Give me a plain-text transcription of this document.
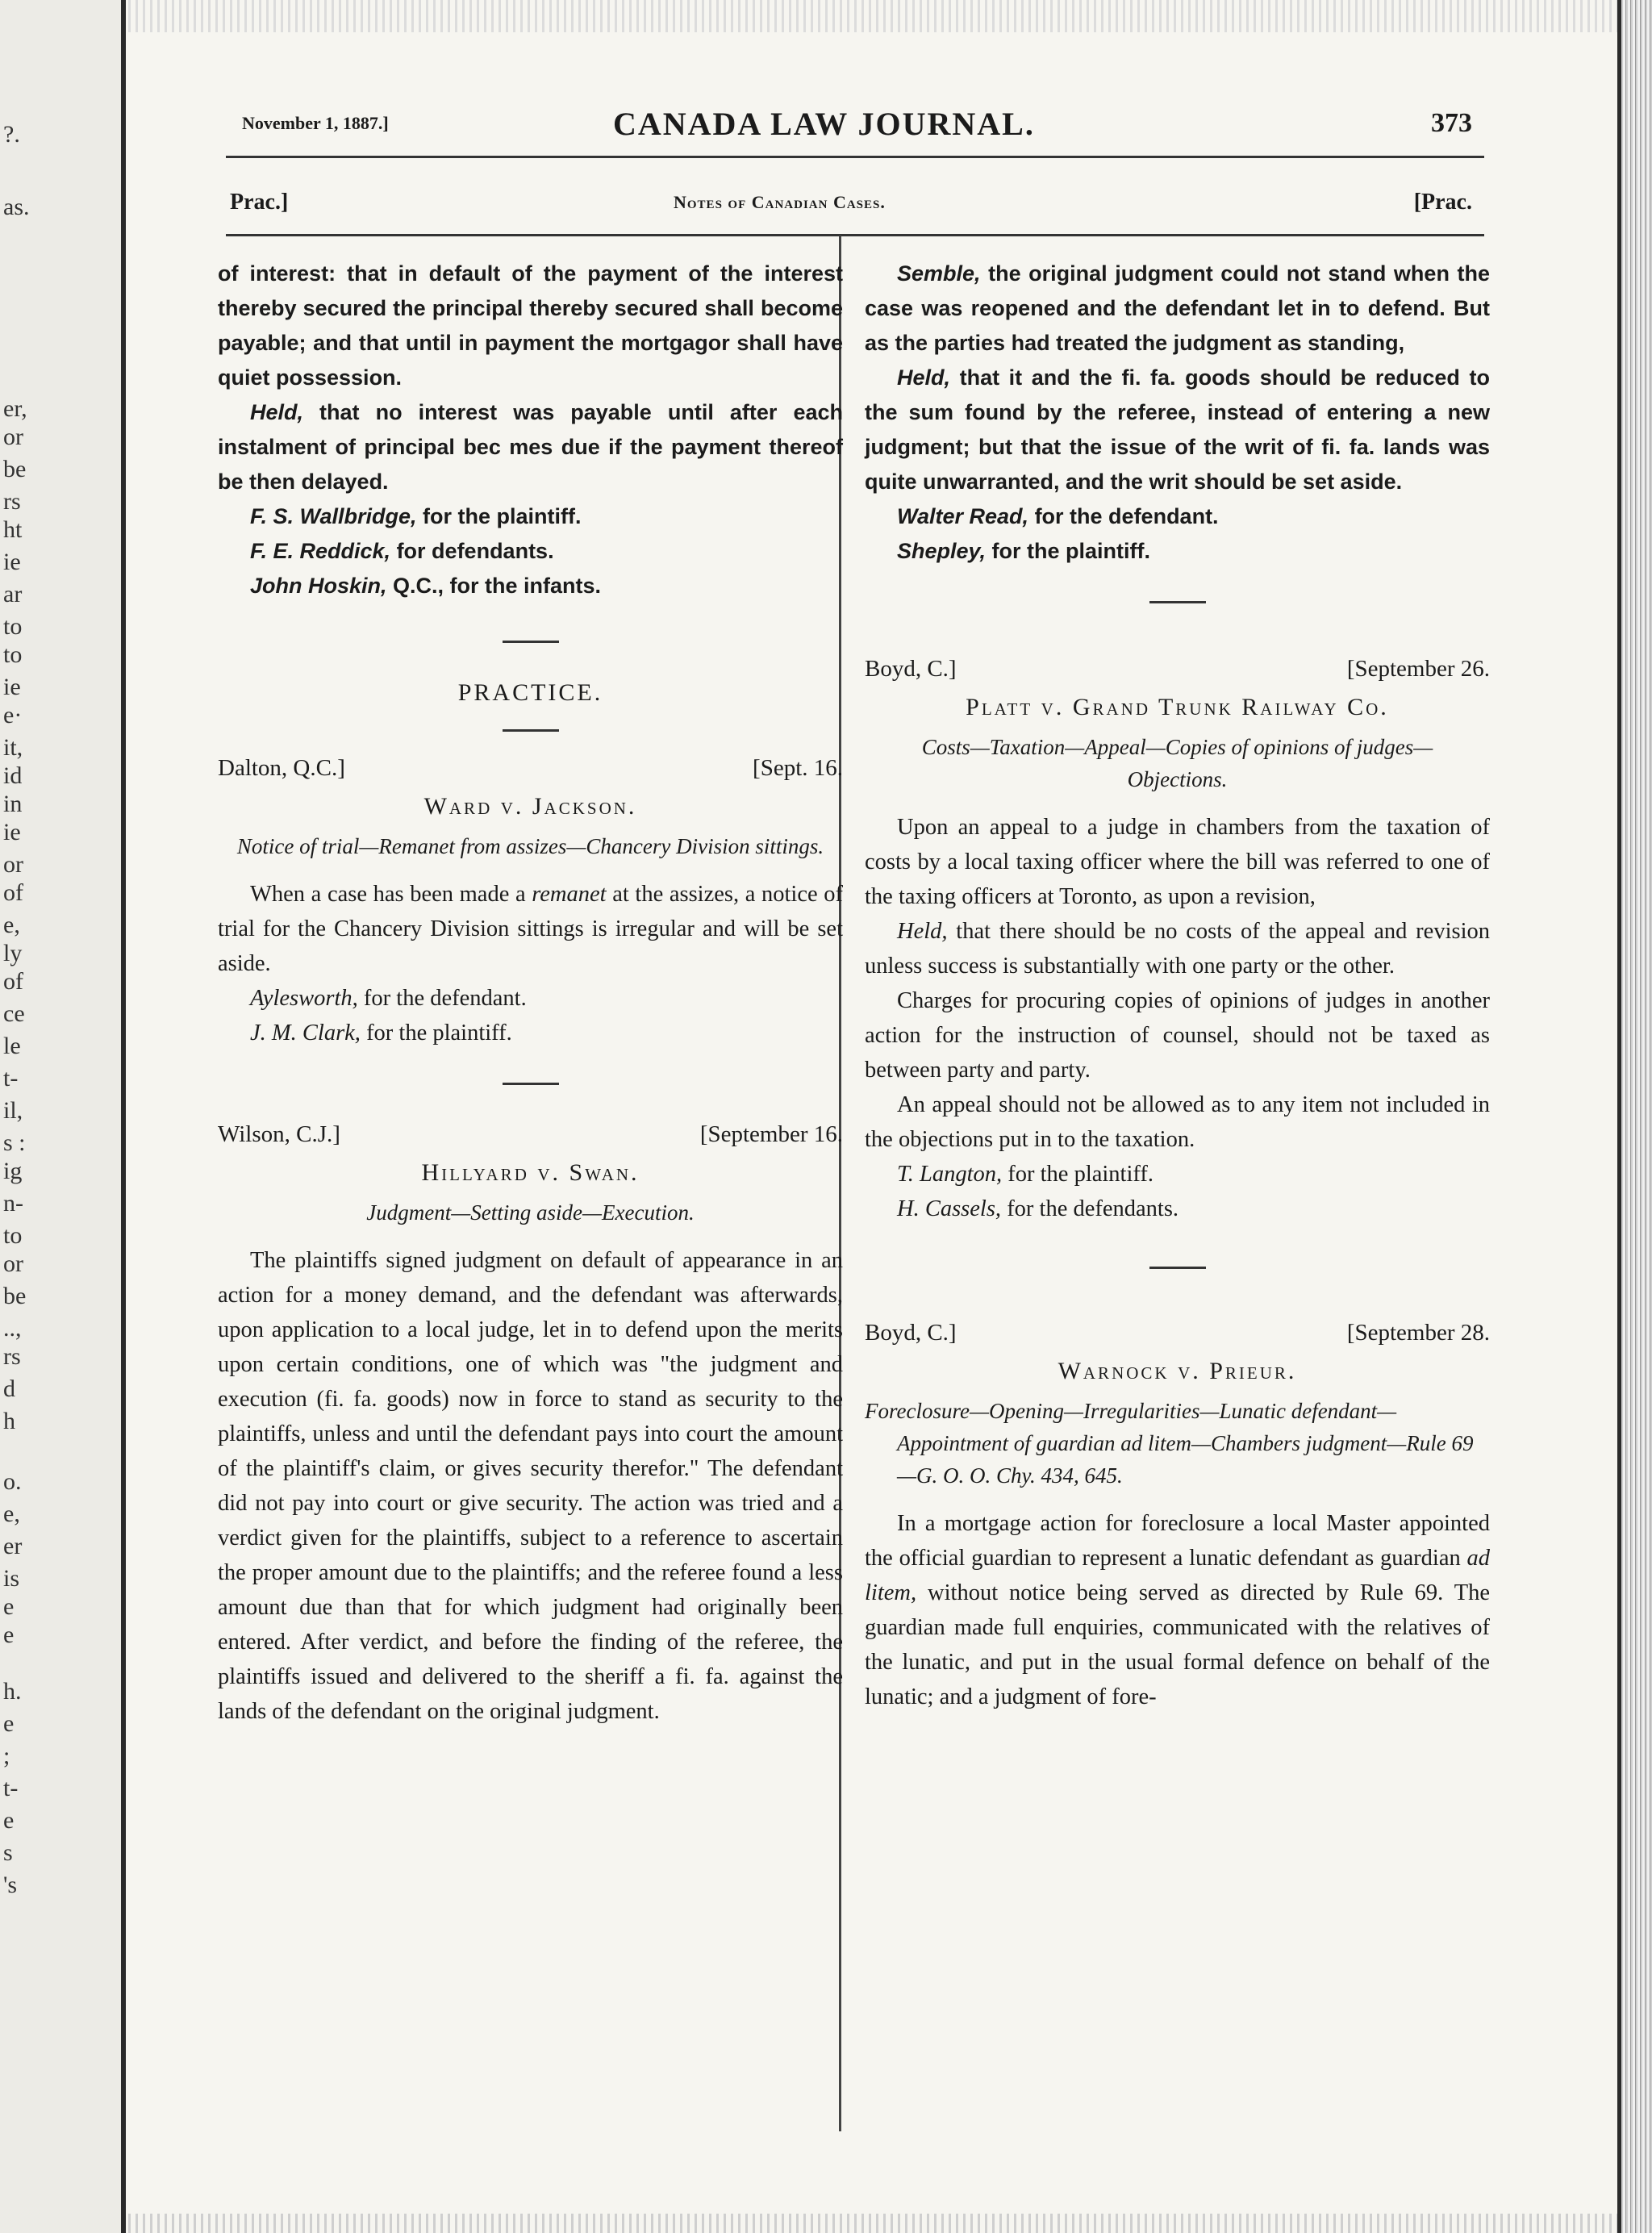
?.
as.
er,
or
be
rs
ht
ie
ar
to
to
ie
e·
it,
id
in
ie
or
of
e,
ly
of
ce
le
t-
il,
s :
ig
n-
to
or
be
..,
rs
d
h
o.
e,
er
is
e
e
h.
e
;
t-
e
s
's
November 1, 1887.]	CANADA LAW JOURNAL.	373
Prac.]	Notes of Canadian Cases.	[Prac.

of interest: that in default of the payment of the interest thereby secured the principal thereby secured shall become payable; and that until in payment the mortgagor shall have quiet possession.

Held, that no interest was payable until after each instalment of principal bec mes due if the payment thereof be then delayed.

F. S. Wallbridge, for the plaintiff.

F. E. Reddick, for defendants.

John Hoskin, Q.C., for the infants.

PRACTICE.
Dalton, Q.C.]	[Sept. 16.
Ward v. Jackson.
Notice of trial—Remanet from assizes—Chancery Division sittings.

When a case has been made a remanet at the assizes, a notice of trial for the Chancery Division sittings is irregular and will be set aside.

Aylesworth, for the defendant.

J. M. Clark, for the plaintiff.

Wilson, C.J.]	[September 16.
Hillyard v. Swan.
Judgment—Setting aside—Execution.

The plaintiffs signed judgment on default of appearance in an action for a money demand, and the defendant was afterwards, upon application to a local judge, let in to defend upon the merits upon certain conditions, one of which was "the judgment and execution (fi. fa. goods) now in force to stand as security to the plaintiffs, unless and until the defendant pays into court the amount of the plaintiff's claim, or gives security therefor." The defendant did not pay into court or give security. The action was tried and a verdict given for the plaintiffs, subject to a reference to ascertain the proper amount due to the plaintiffs; and the referee found a less amount due than that for which judgment had originally been entered. After verdict, and before the finding of the referee, the plaintiffs issued and delivered to the sheriff a fi. fa. against the lands of the defendant on the original judgment.

Semble, the original judgment could not stand when the case was reopened and the defendant let in to defend. But as the parties had treated the judgment as standing,

Held, that it and the fi. fa. goods should be reduced to the sum found by the referee, instead of entering a new judgment; but that the issue of the writ of fi. fa. lands was quite unwarranted, and the writ should be set aside.

Walter Read, for the defendant.

Shepley, for the plaintiff.

Boyd, C.]	[September 26.
Platt v. Grand Trunk Railway Co.
Costs—Taxation—Appeal—Copies of opinions of judges—Objections.

Upon an appeal to a judge in chambers from the taxation of costs by a local taxing officer where the bill was referred to one of the taxing officers at Toronto, as upon a revision,

Held, that there should be no costs of the appeal and revision unless success is substantially with one party or the other.

Charges for procuring copies of opinions of judges in another action for the instruction of counsel, should not be taxed as between party and party.

An appeal should not be allowed as to any item not included in the objections put in to the taxation.

T. Langton, for the plaintiff.

H. Cassels, for the defendants.

Boyd, C.]	[September 28.
Warnock v. Prieur.
Foreclosure—Opening—Irregularities—Lunatic defendant—Appointment of guardian ad litem—Chambers judgment—Rule 69—G. O. O. Chy. 434, 645.

In a mortgage action for foreclosure a local Master appointed the official guardian to represent a lunatic defendant as guardian ad litem, without notice being served as directed by Rule 69. The guardian made full enquiries, communicated with the relatives of the lunatic, and put in the usual formal defence on behalf of the lunatic; and a judgment of fore-
